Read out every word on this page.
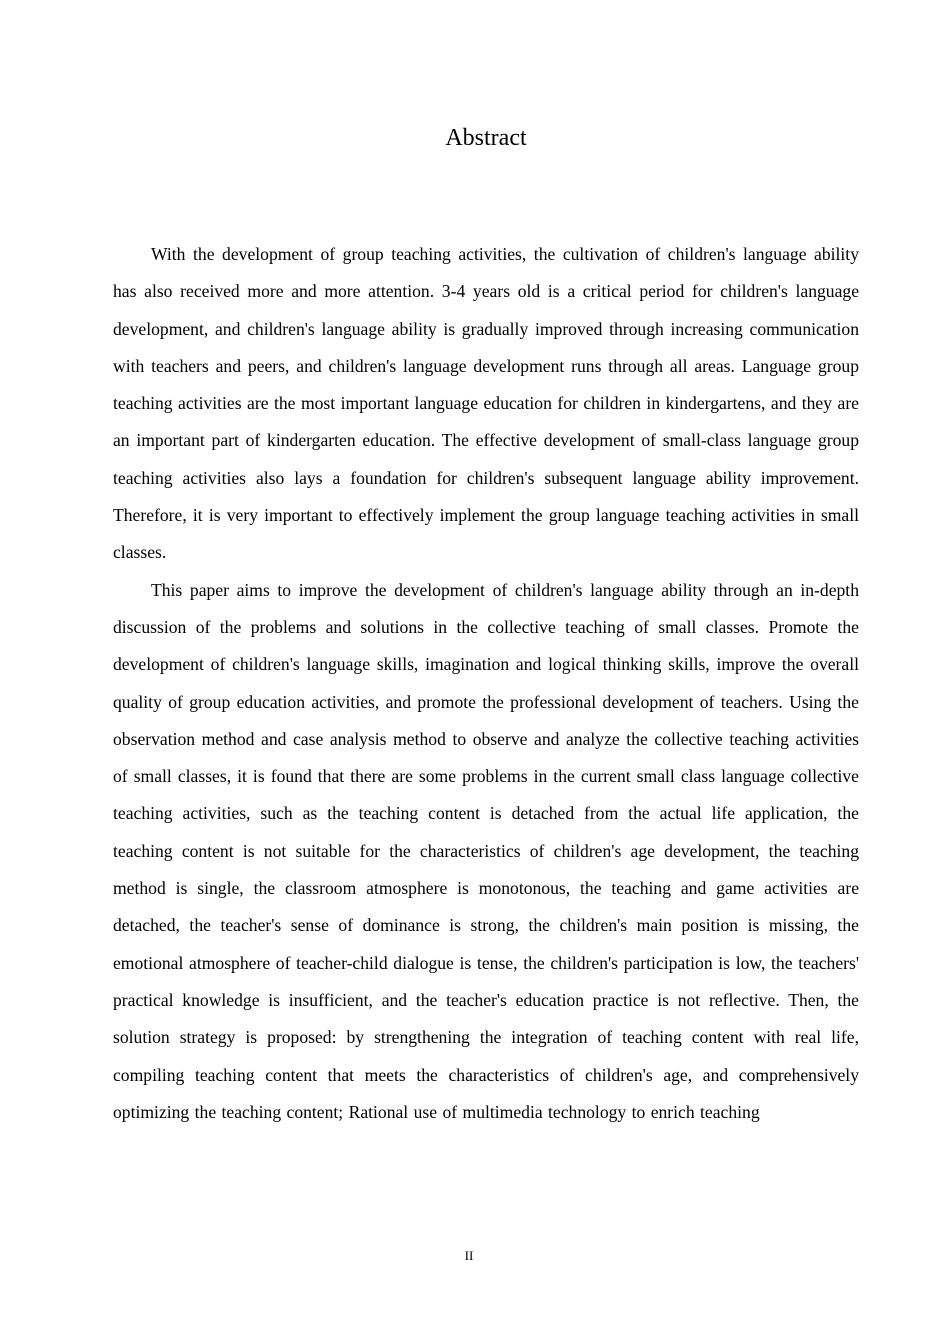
Abstract

With the development of group teaching activities, the cultivation of children's language ability has also received more and more attention. 3-4 years old is a critical period for children's language development, and children's language ability is gradually improved through increasing communication with teachers and peers, and children's language development runs through all areas. Language group teaching activities are the most important language education for children in kindergartens, and they are an important part of kindergarten education. The effective development of small-class language group teaching activities also lays a foundation for children's subsequent language ability improvement. Therefore, it is very important to effectively implement the group language teaching activities in small classes.

This paper aims to improve the development of children's language ability through an in-depth discussion of the problems and solutions in the collective teaching of small classes. Promote the development of children's language skills, imagination and logical thinking skills, improve the overall quality of group education activities, and promote the professional development of teachers. Using the observation method and case analysis method to observe and analyze the collective teaching activities of small classes, it is found that there are some problems in the current small class language collective teaching activities, such as the teaching content is detached from the actual life application, the teaching content is not suitable for the characteristics of children's age development, the teaching method is single, the classroom atmosphere is monotonous, the teaching and game activities are detached, the teacher's sense of dominance is strong, the children's main position is missing, the emotional atmosphere of teacher-child dialogue is tense, the children's participation is low, the teachers' practical knowledge is insufficient, and the teacher's education practice is not reflective. Then, the solution strategy is proposed: by strengthening the integration of teaching content with real life, compiling teaching content that meets the characteristics of children's age, and comprehensively optimizing the teaching content; Rational use of multimedia technology to enrich teaching

II
